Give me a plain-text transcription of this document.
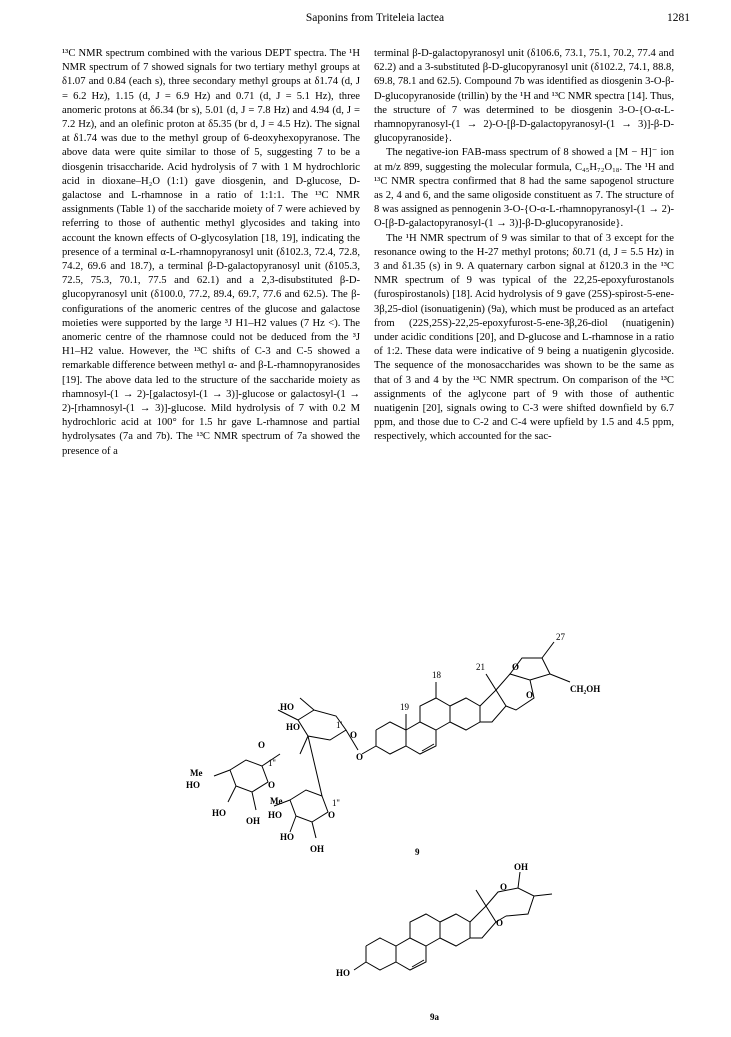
Saponins from Triteleia lactea	1281

¹³C NMR spectrum combined with the various DEPT spectra. The ¹H NMR spectrum of 7 showed signals for two tertiary methyl groups at δ1.07 and 0.84 (each s), three secondary methyl groups at δ1.74 (d, J = 6.2 Hz), 1.15 (d, J = 6.9 Hz) and 0.71 (d, J = 5.1 Hz), three anomeric protons at δ6.34 (br s), 5.01 (d, J = 7.8 Hz) and 4.94 (d, J = 7.2 Hz), and an olefinic proton at δ5.35 (br d, J = 4.5 Hz). The signal at δ1.74 was due to the methyl group of 6-deoxyhexopyranose. The above data were quite similar to those of 5, suggesting 7 to be a diosgenin trisaccharide. Acid hydrolysis of 7 with 1 M hydrochloric acid in dioxane–H₂O (1:1) gave diosgenin, and D-glucose, D-galactose and L-rhamnose in a ratio of 1:1:1. The ¹³C NMR assignments (Table 1) of the saccharide moiety of 7 were achieved by referring to those of authentic methyl glycosides and taking into account the known effects of O-glycosylation [18, 19], indicating the presence of a terminal α-L-rhamnopyranosyl unit (δ102.3, 72.4, 72.8, 74.2, 69.6 and 18.7), a terminal β-D-galactopyranosyl unit (δ105.3, 72.5, 75.3, 70.1, 77.5 and 62.1) and a 2,3-disubstituted β-D-glucopyranosyl unit (δ100.0, 77.2, 89.4, 69.7, 77.6 and 62.5). The β-configurations of the anomeric centres of the glucose and galactose moieties were supported by the large ³J H1–H2 values (7 Hz <). The anomeric centre of the rhamnose could not be deduced from the ³J H1–H2 value. However, the ¹³C shifts of C-3 and C-5 showed a remarkable difference between methyl α- and β-L-rhamnopyranosides [19]. The above data led to the structure of the saccharide moiety as rhamnosyl-(1 → 2)-[galactosyl-(1 → 3)]-glucose or galactosyl-(1 → 2)-[rhamnosyl-(1 → 3)]-glucose. Mild hydrolysis of 7 with 0.2 M hydrochloric acid at 100° for 1.5 hr gave L-rhamnose and partial hydrolysates (7a and 7b). The ¹³C NMR spectrum of 7a showed the presence of a

terminal β-D-galactopyranosyl unit (δ106.6, 73.1, 75.1, 70.2, 77.4 and 62.2) and a 3-substituted β-D-glucopyranosyl unit (δ102.2, 74.1, 88.8, 69.8, 78.1 and 62.5). Compound 7b was identified as diosgenin 3-O-β-D-glucopyranoside (trillin) by the ¹H and ¹³C NMR spectra [14]. Thus, the structure of 7 was determined to be diosgenin 3-O-{O-α-L-rhamnopyranosyl-(1 → 2)-O-[β-D-galactopyranosyl-(1 → 3)]-β-D-glucopyranoside}.

The negative-ion FAB-mass spectrum of 8 showed a [M − H]⁻ ion at m/z 899, suggesting the molecular formula, C₄₅H₇₂O₁₈. The ¹H and ¹³C NMR spectra confirmed that 8 had the same sapogenol structure as 2, 4 and 6, and the same oligoside constituent as 7. The structure of 8 was assigned as pennogenin 3-O-{O-α-L-rhamnopyranosyl-(1 → 2)-O-[β-D-galactopyranosyl-(1 → 3)]-β-D-glucopyranoside}.

The ¹H NMR spectrum of 9 was similar to that of 3 except for the resonance owing to the H-27 methyl protons; δ0.71 (d, J = 5.5 Hz) in 3 and δ1.35 (s) in 9. A quaternary carbon signal at δ120.3 in the ¹³C NMR spectrum of 9 was typical of the 22,25-epoxyfurostanols (furospirostanols) [18]. Acid hydrolysis of 9 gave (25S)-spirost-5-ene-3β,25-diol (isonuatigenin) (9a), which must be produced as an artefact from (22S,25S)-22,25-epoxyfurost-5-ene-3β,26-diol (nuatigenin) under acidic conditions [20], and D-glucose and L-rhamnose in a ratio of 1:2. These data were indicative of 9 being a nuatigenin glycoside. The sequence of the monosaccharides was shown to be the same as that of 3 and 4 by the ¹³C NMR spectrum. On comparison of the ¹³C assignments of the aglycone part of 9 with those of authentic nuatigenin [20], signals owing to C-3 were shifted downfield by 6.7 ppm, and those due to C-2 and C-4 were upfield by 1.5 and 4.5 ppm, respectively, which accounted for the sac-

HO
HO
O
O
O
O
O
O
O
Me
HO
HO
OH
Me
HO
HO
OH
CH₂OH
21
18
19
27
1'
1''
1''
9
OH
O
O
HO
9a
